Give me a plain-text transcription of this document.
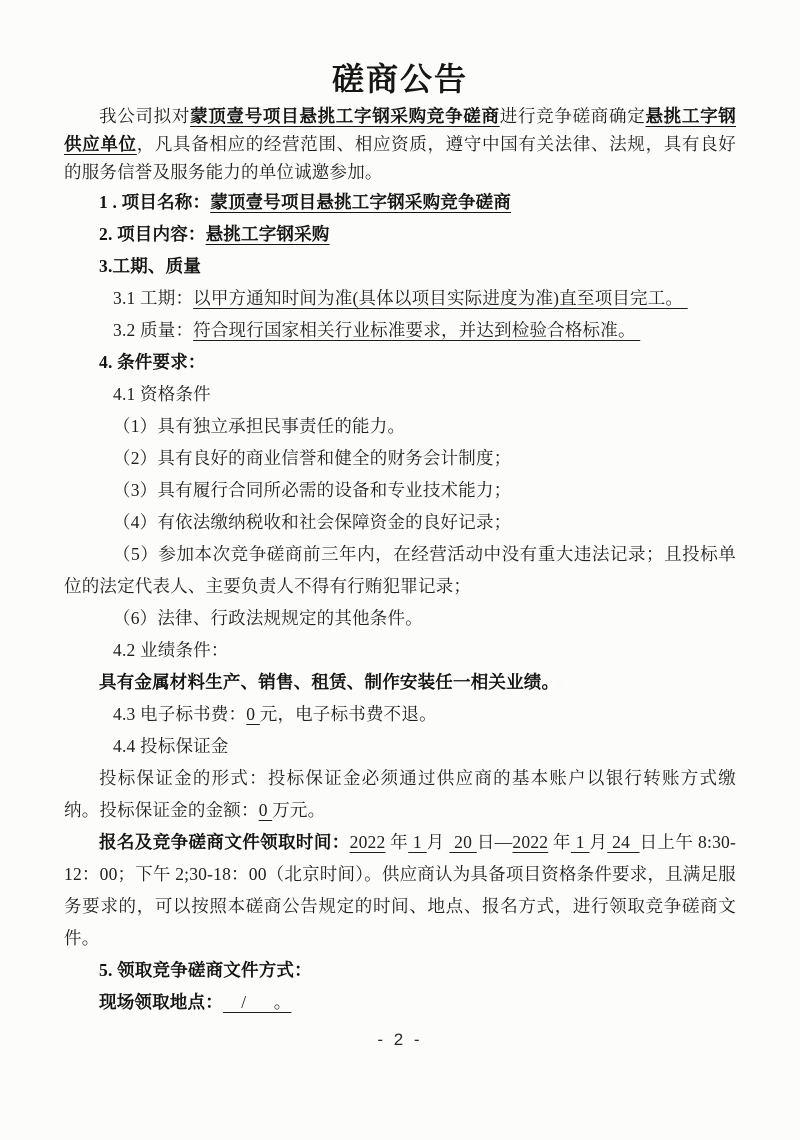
磋商公告

我公司拟对蒙顶壹号项目悬挑工字钢采购竞争磋商进行竞争磋商确定悬挑工字钢供应单位，凡具备相应的经营范围、相应资质，遵守中国有关法律、法规，具有良好的服务信誉及服务能力的单位诚邀参加。

1 . 项目名称：蒙顶壹号项目悬挑工字钢采购竞争磋商

2. 项目内容：悬挑工字钢采购

3.工期、质量

3.1 工期：以甲方通知时间为准(具体以项目实际进度为准)直至项目完工。

3.2 质量：符合现行国家相关行业标准要求，并达到检验合格标准。

4. 条件要求：

4.1 资格条件

（1）具有独立承担民事责任的能力。

（2）具有良好的商业信誉和健全的财务会计制度；

（3）具有履行合同所必需的设备和专业技术能力；

（4）有依法缴纳税收和社会保障资金的良好记录；

（5）参加本次竞争磋商前三年内，在经营活动中没有重大违法记录；且投标单位的法定代表人、主要负责人不得有行贿犯罪记录；

（6）法律、行政法规规定的其他条件。

4.2 业绩条件：

具有金属材料生产、销售、租赁、制作安装任一相关业绩。

4.3 电子标书费：0 元，电子标书费不退。

4.4 投标保证金

投标保证金的形式：投标保证金必须通过供应商的基本账户以银行转账方式缴纳。投标保证金的金额：0 万元。

报名及竞争磋商文件领取时间：2022 年 1 月  20 日—2022 年 1 月 24  日上午 8:30-12：00；下午 2;30-18：00（北京时间）。供应商认为具备项目资格条件要求，且满足服务要求的，可以按照本磋商公告规定的时间、地点、报名方式，进行领取竞争磋商文件。

5. 领取竞争磋商文件方式：

现场领取地点：    /      。

- 2 -
